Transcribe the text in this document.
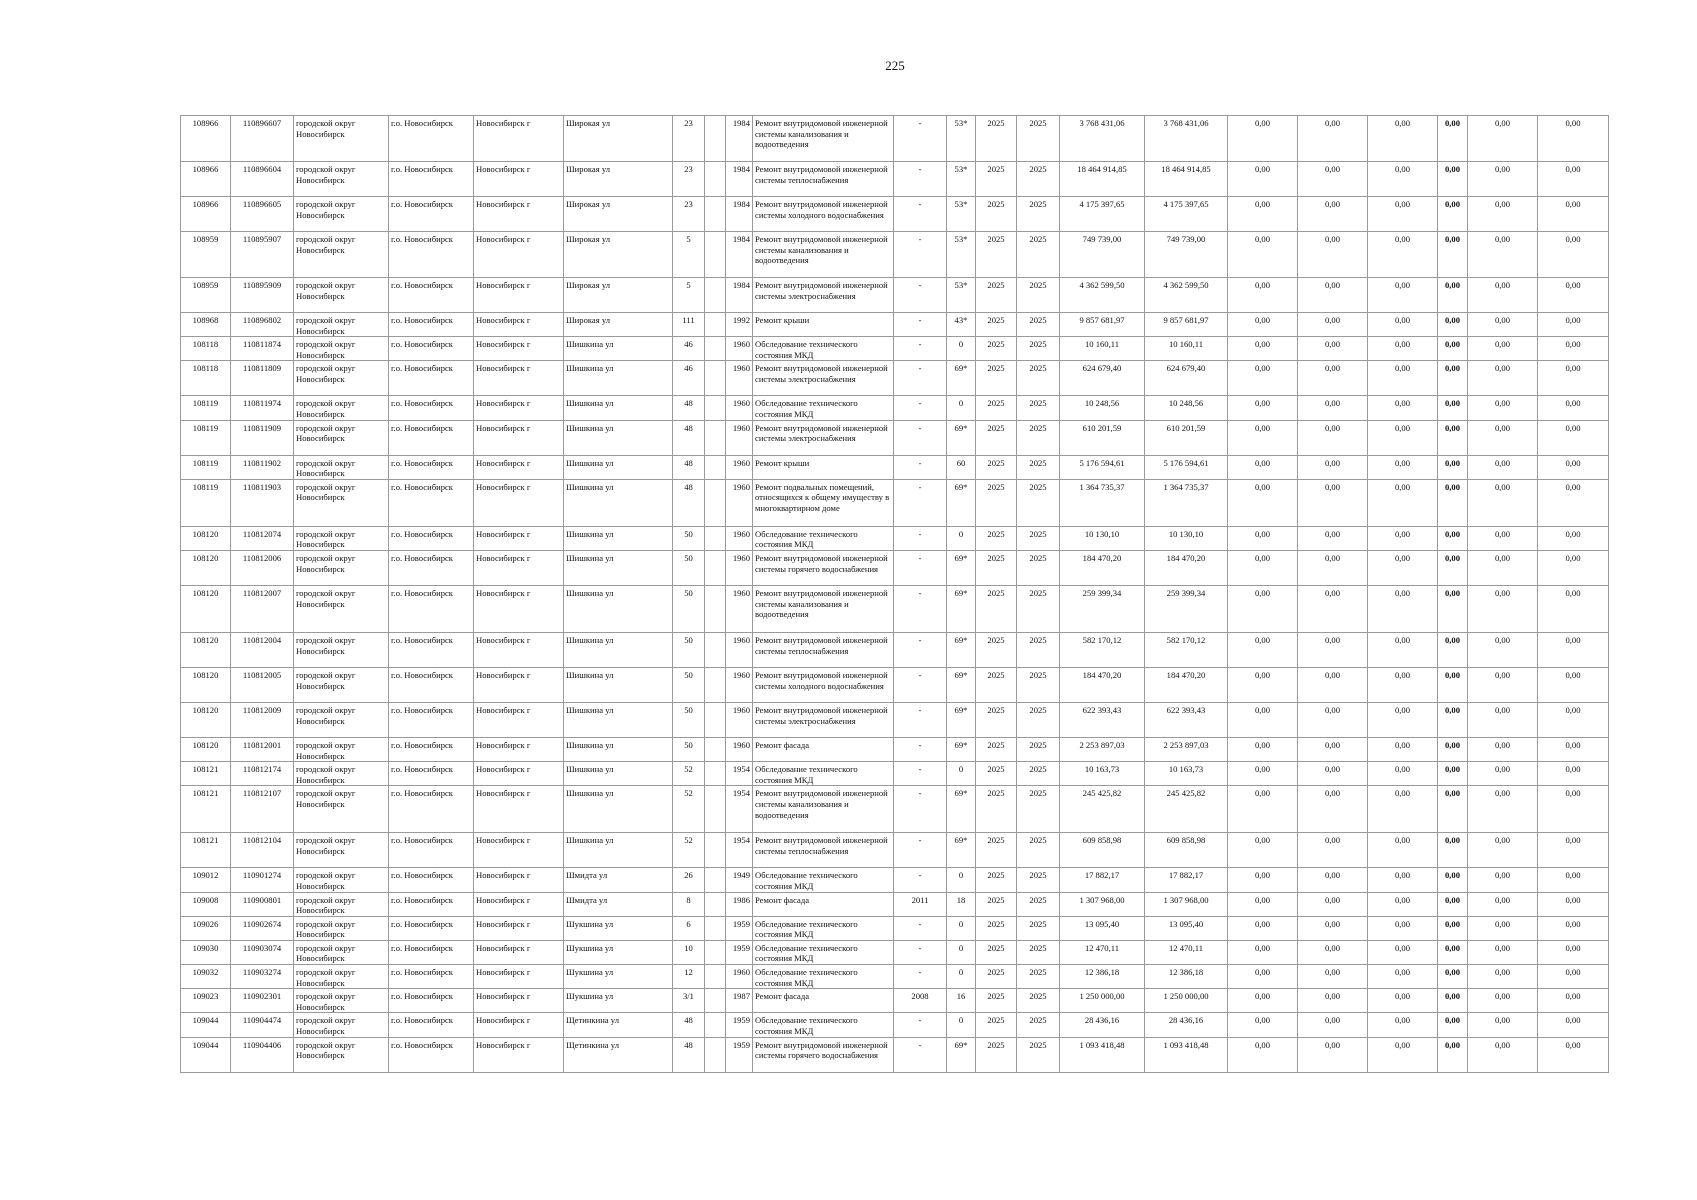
225
108966	110896607	городской округ Новосибирск	г.о. Новосибирск	Новосибирск г	Широкая ул	23		1984	Ремонт внутридомовой инженерной системы канализования и водоотведения	-	53*	2025	2025	3 768 431,06	3 768 431,06	0,00	0,00	0,00	0,00	0,00	0,00
108966	110896604	городской округ Новосибирск	г.о. Новосибирск	Новосибирск г	Широкая ул	23		1984	Ремонт внутридомовой инженерной системы теплоснабжения	-	53*	2025	2025	18 464 914,85	18 464 914,85	0,00	0,00	0,00	0,00	0,00	0,00
108966	110896605	городской округ Новосибирск	г.о. Новосибирск	Новосибирск г	Широкая ул	23		1984	Ремонт внутридомовой инженерной системы холодного водоснабжения	-	53*	2025	2025	4 175 397,65	4 175 397,65	0,00	0,00	0,00	0,00	0,00	0,00
108959	110895907	городской округ Новосибирск	г.о. Новосибирск	Новосибирск г	Широкая ул	5		1984	Ремонт внутридомовой инженерной системы канализования и водоотведения	-	53*	2025	2025	749 739,00	749 739,00	0,00	0,00	0,00	0,00	0,00	0,00
108959	110895909	городской округ Новосибирск	г.о. Новосибирск	Новосибирск г	Широкая ул	5		1984	Ремонт внутридомовой инженерной системы электроснабжения	-	53*	2025	2025	4 362 599,50	4 362 599,50	0,00	0,00	0,00	0,00	0,00	0,00
108968	110896802	городской округ Новосибирск	г.о. Новосибирск	Новосибирск г	Широкая ул	111		1992	Ремонт крыши	-	43*	2025	2025	9 857 681,97	9 857 681,97	0,00	0,00	0,00	0,00	0,00	0,00
108118	110811874	городской округ Новосибирск	г.о. Новосибирск	Новосибирск г	Шишкина ул	46		1960	Обследование технического состояния МКД	-	0	2025	2025	10 160,11	10 160,11	0,00	0,00	0,00	0,00	0,00	0,00
108118	110811809	городской округ Новосибирск	г.о. Новосибирск	Новосибирск г	Шишкина ул	46		1960	Ремонт внутридомовой инженерной системы электроснабжения	-	69*	2025	2025	624 679,40	624 679,40	0,00	0,00	0,00	0,00	0,00	0,00
108119	110811974	городской округ Новосибирск	г.о. Новосибирск	Новосибирск г	Шишкина ул	48		1960	Обследование технического состояния МКД	-	0	2025	2025	10 248,56	10 248,56	0,00	0,00	0,00	0,00	0,00	0,00
108119	110811909	городской округ Новосибирск	г.о. Новосибирск	Новосибирск г	Шишкина ул	48		1960	Ремонт внутридомовой инженерной системы электроснабжения	-	69*	2025	2025	610 201,59	610 201,59	0,00	0,00	0,00	0,00	0,00	0,00
108119	110811902	городской округ Новосибирск	г.о. Новосибирск	Новосибирск г	Шишкина ул	48		1960	Ремонт крыши	-	60	2025	2025	5 176 594,61	5 176 594,61	0,00	0,00	0,00	0,00	0,00	0,00
108119	110811903	городской округ Новосибирск	г.о. Новосибирск	Новосибирск г	Шишкина ул	48		1960	Ремонт подвальных помещений, относящихся к общему имуществу в многоквартирном доме	-	69*	2025	2025	1 364 735,37	1 364 735,37	0,00	0,00	0,00	0,00	0,00	0,00
108120	110812074	городской округ Новосибирск	г.о. Новосибирск	Новосибирск г	Шишкина ул	50		1960	Обследование технического состояния МКД	-	0	2025	2025	10 130,10	10 130,10	0,00	0,00	0,00	0,00	0,00	0,00
108120	110812006	городской округ Новосибирск	г.о. Новосибирск	Новосибирск г	Шишкина ул	50		1960	Ремонт внутридомовой инженерной системы горячего водоснабжения	-	69*	2025	2025	184 470,20	184 470,20	0,00	0,00	0,00	0,00	0,00	0,00
108120	110812007	городской округ Новосибирск	г.о. Новосибирск	Новосибирск г	Шишкина ул	50		1960	Ремонт внутридомовой инженерной системы канализования и водоотведения	-	69*	2025	2025	259 399,34	259 399,34	0,00	0,00	0,00	0,00	0,00	0,00
108120	110812004	городской округ Новосибирск	г.о. Новосибирск	Новосибирск г	Шишкина ул	50		1960	Ремонт внутридомовой инженерной системы теплоснабжения	-	69*	2025	2025	582 170,12	582 170,12	0,00	0,00	0,00	0,00	0,00	0,00
108120	110812005	городской округ Новосибирск	г.о. Новосибирск	Новосибирск г	Шишкина ул	50		1960	Ремонт внутридомовой инженерной системы холодного водоснабжения	-	69*	2025	2025	184 470,20	184 470,20	0,00	0,00	0,00	0,00	0,00	0,00
108120	110812009	городской округ Новосибирск	г.о. Новосибирск	Новосибирск г	Шишкина ул	50		1960	Ремонт внутридомовой инженерной системы электроснабжения	-	69*	2025	2025	622 393,43	622 393,43	0,00	0,00	0,00	0,00	0,00	0,00
108120	110812001	городской округ Новосибирск	г.о. Новосибирск	Новосибирск г	Шишкина ул	50		1960	Ремонт фасада	-	69*	2025	2025	2 253 897,03	2 253 897,03	0,00	0,00	0,00	0,00	0,00	0,00
108121	110812174	городской округ Новосибирск	г.о. Новосибирск	Новосибирск г	Шишкина ул	52		1954	Обследование технического состояния МКД	-	0	2025	2025	10 163,73	10 163,73	0,00	0,00	0,00	0,00	0,00	0,00
108121	110812107	городской округ Новосибирск	г.о. Новосибирск	Новосибирск г	Шишкина ул	52		1954	Ремонт внутридомовой инженерной системы канализования и водоотведения	-	69*	2025	2025	245 425,82	245 425,82	0,00	0,00	0,00	0,00	0,00	0,00
108121	110812104	городской округ Новосибирск	г.о. Новосибирск	Новосибирск г	Шишкина ул	52		1954	Ремонт внутридомовой инженерной системы теплоснабжения	-	69*	2025	2025	609 858,98	609 858,98	0,00	0,00	0,00	0,00	0,00	0,00
109012	110901274	городской округ Новосибирск	г.о. Новосибирск	Новосибирск г	Шмидта ул	26		1949	Обследование технического состояния МКД	-	0	2025	2025	17 882,17	17 882,17	0,00	0,00	0,00	0,00	0,00	0,00
109008	110900801	городской округ Новосибирск	г.о. Новосибирск	Новосибирск г	Шмидта ул	8		1986	Ремонт фасада	2011	18	2025	2025	1 307 968,00	1 307 968,00	0,00	0,00	0,00	0,00	0,00	0,00
109026	110902674	городской округ Новосибирск	г.о. Новосибирск	Новосибирск г	Шукшина ул	6		1959	Обследование технического состояния МКД	-	0	2025	2025	13 095,40	13 095,40	0,00	0,00	0,00	0,00	0,00	0,00
109030	110903074	городской округ Новосибирск	г.о. Новосибирск	Новосибирск г	Шукшина ул	10		1959	Обследование технического состояния МКД	-	0	2025	2025	12 470,11	12 470,11	0,00	0,00	0,00	0,00	0,00	0,00
109032	110903274	городской округ Новосибирск	г.о. Новосибирск	Новосибирск г	Шукшина ул	12		1960	Обследование технического состояния МКД	-	0	2025	2025	12 386,18	12 386,18	0,00	0,00	0,00	0,00	0,00	0,00
109023	110902301	городской округ Новосибирск	г.о. Новосибирск	Новосибирск г	Шукшина ул	3/1		1987	Ремонт фасада	2008	16	2025	2025	1 250 000,00	1 250 000,00	0,00	0,00	0,00	0,00	0,00	0,00
109044	110904474	городской округ Новосибирск	г.о. Новосибирск	Новосибирск г	Щетинкина ул	48		1959	Обследование технического состояния МКД	-	0	2025	2025	28 436,16	28 436,16	0,00	0,00	0,00	0,00	0,00	0,00
109044	110904406	городской округ Новосибирск	г.о. Новосибирск	Новосибирск г	Щетинкина ул	48		1959	Ремонт внутридомовой инженерной системы горячего водоснабжения	-	69*	2025	2025	1 093 418,48	1 093 418,48	0,00	0,00	0,00	0,00	0,00	0,00
